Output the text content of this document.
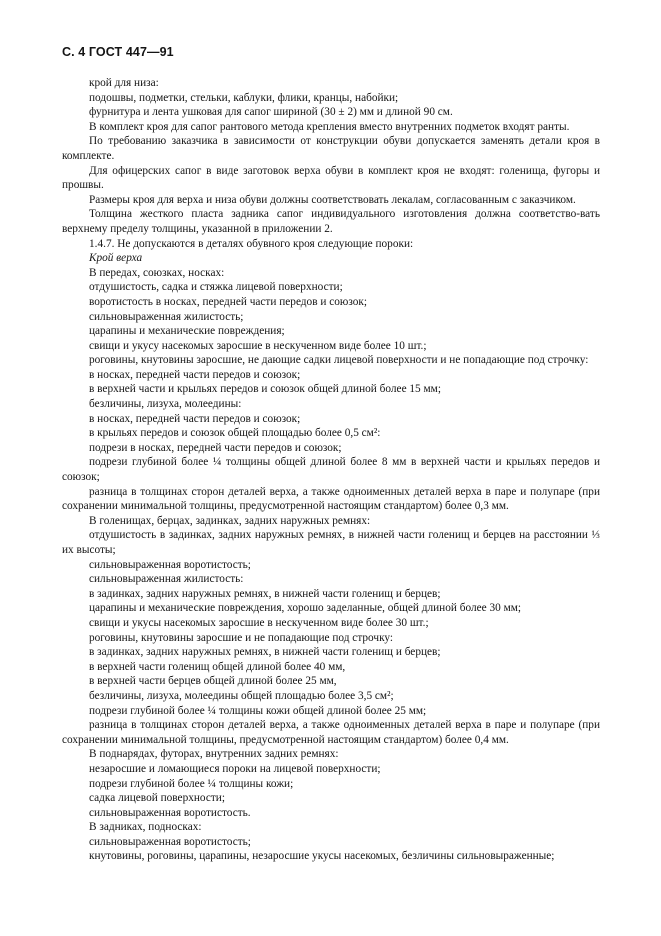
С. 4 ГОСТ 447—91

крой для низа:

подошвы, подметки, стельки, каблуки, флики, кранцы, набойки;

фурнитура и лента ушковая для сапог шириной (30 ± 2) мм и длиной 90 см.

В комплект кроя для сапог рантового метода крепления вместо внутренних подметок входят ранты.

По требованию заказчика в зависимости от конструкции обуви допускается заменять детали кроя в комплекте.

Для офицерских сапог в виде заготовок верха обуви в комплект кроя не входят: голенища, фугоры и прошвы.

Размеры кроя для верха и низа обуви должны соответствовать лекалам, согласованным с заказчиком.

Толщина жесткого пласта задника сапог индивидуального изготовления должна соответство-вать верхнему пределу толщины, указанной в приложении 2.

1.4.7. Не допускаются в деталях обувного кроя следующие пороки:

Крой верха

В передах, союзках, носках:

отдушистость, садка и стяжка лицевой поверхности;

воротистость в носках, передней части передов и союзок;

сильновыраженная жилистость;

царапины и механические повреждения;

свищи и укусу насекомых заросшие в нескученном виде более 10 шт.;

роговины, кнутовины заросшие, не дающие садки лицевой поверхности и не попадающие под строчку:

в носках, передней части передов и союзок;

в верхней части и крыльях передов и союзок общей длиной более 15 мм;

безличины, лизуха, молеедины:

в носках, передней части передов и союзок;

в крыльях передов и союзок общей площадью более 0,5 см²:

подрези в носках, передней части передов и союзок;

подрези глубиной более ¼ толщины общей длиной более 8 мм в верхней части и крыльях передов и союзок;

разница в толщинах сторон деталей верха, а также одноименных деталей верха в паре и полупаре (при сохранении минимальной толщины, предусмотренной настоящим стандартом) более 0,3 мм.

В голенищах, берцах, задинках, задних наружных ремнях:

отдушистость в задинках, задних наружных ремнях, в нижней части голенищ и берцев на расстоянии ⅓ их высоты;

сильновыраженная воротистость;

сильновыраженная жилистость:

в задинках, задних наружных ремнях, в нижней части голенищ и берцев;

царапины и механические повреждения, хорошо заделанные, общей длиной более 30 мм;

свищи и укусы насекомых заросшие в нескученном виде более 30 шт.;

роговины, кнутовины заросшие и не попадающие под строчку:

в задинках, задних наружных ремнях, в нижней части голенищ и берцев;

в верхней части голенищ общей длиной более 40 мм,

в верхней части берцев общей длиной более 25 мм,

безличины, лизуха, молеедины общей площадью более 3,5 см²;

подрези глубиной более ¼ толщины кожи общей длиной более 25 мм;

разница в толщинах сторон деталей верха, а также одноименных деталей верха в паре и полупаре (при сохранении минимальной толщины, предусмотренной настоящим стандартом) более 0,4 мм.

В поднарядах, футорах, внутренних задних ремнях:

незаросшие и ломающиеся пороки на лицевой поверхности;

подрези глубиной более ¼ толщины кожи;

садка лицевой поверхности;

сильновыраженная воротистость.

В задниках, подносках:

сильновыраженная воротистость;

кнутовины, роговины, царапины, незаросшие укусы насекомых, безличины сильновыраженные;
